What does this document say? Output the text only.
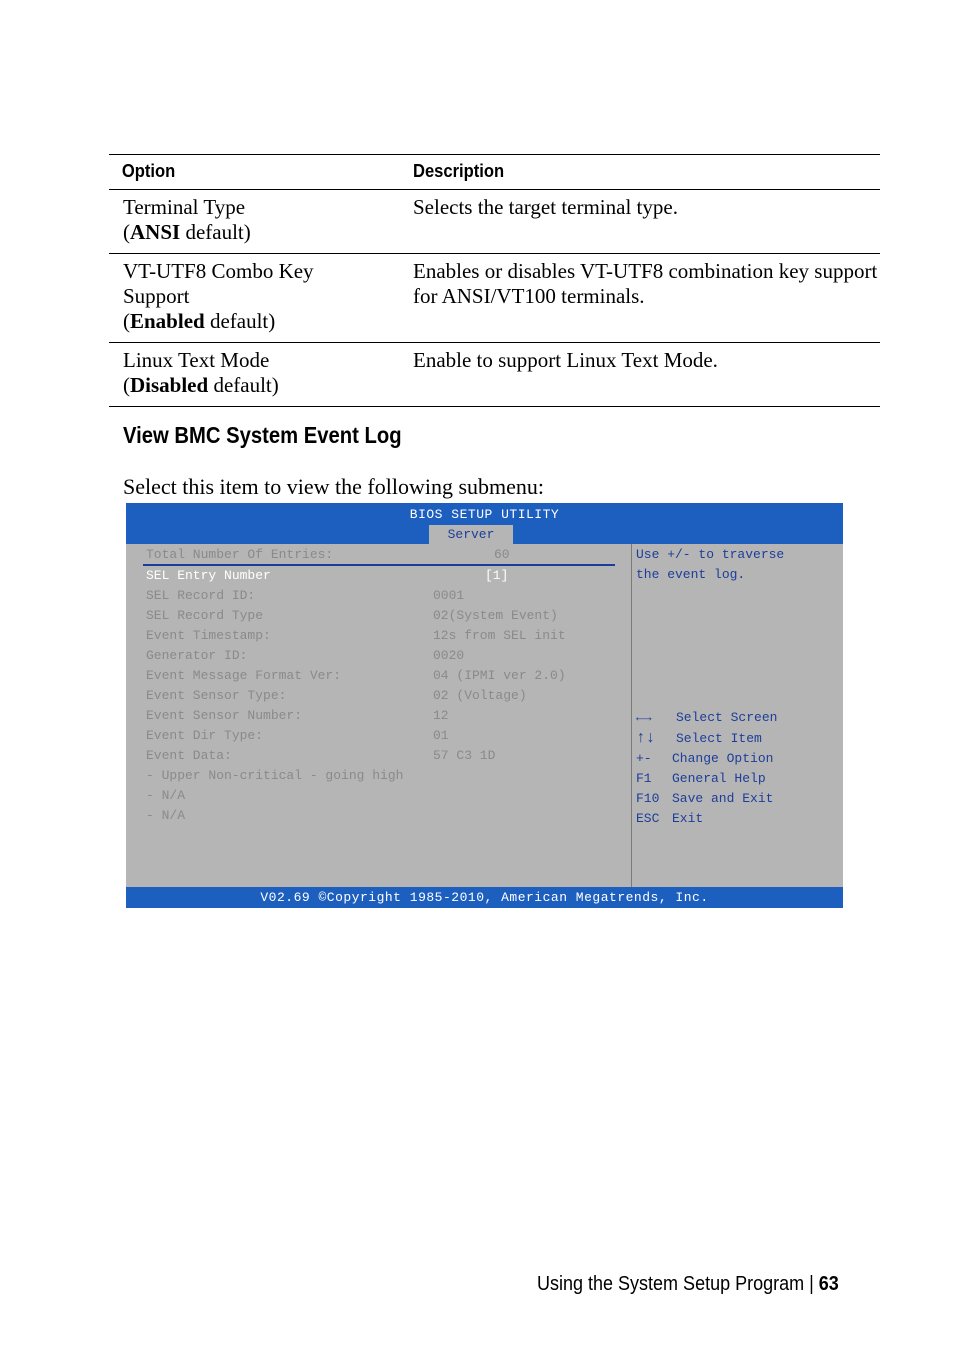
Option	Description

Terminal Type
(ANSI default)	Selects the target terminal type.

VT-UTF8 Combo Key
Support
(Enabled default)	Enables or disables VT-UTF8 combination key support
for ANSI/VT100 terminals.

Linux Text Mode
(Disabled default)	Enable to support Linux Text Mode.
View BMC System Event Log

Select this item to view the following submenu:

BIOS SETUP UTILITY
Server
Total Number Of Entries:	60
SEL Entry Number	[1]
SEL Record ID:	0001
SEL Record Type	02(System Event)
Event Timestamp:	12s from SEL init
Generator ID:	0020
Event Message Format Ver:	04 (IPMI ver 2.0)
Event Sensor Type:	02 (Voltage)
Event Sensor Number:	12
Event Dir Type:	01
Event Data:	57 C3 1D
- Upper Non-critical - going high
- N/A
- N/A
Use +/- to traverse
the event log.
←→ Select Screen
↑↓ Select Item
+- Change Option
F1 General Help
F10 Save and Exit
ESC Exit
V02.69 ©Copyright 1985-2010, American Megatrends, Inc.

Using the System Setup Program | 63
